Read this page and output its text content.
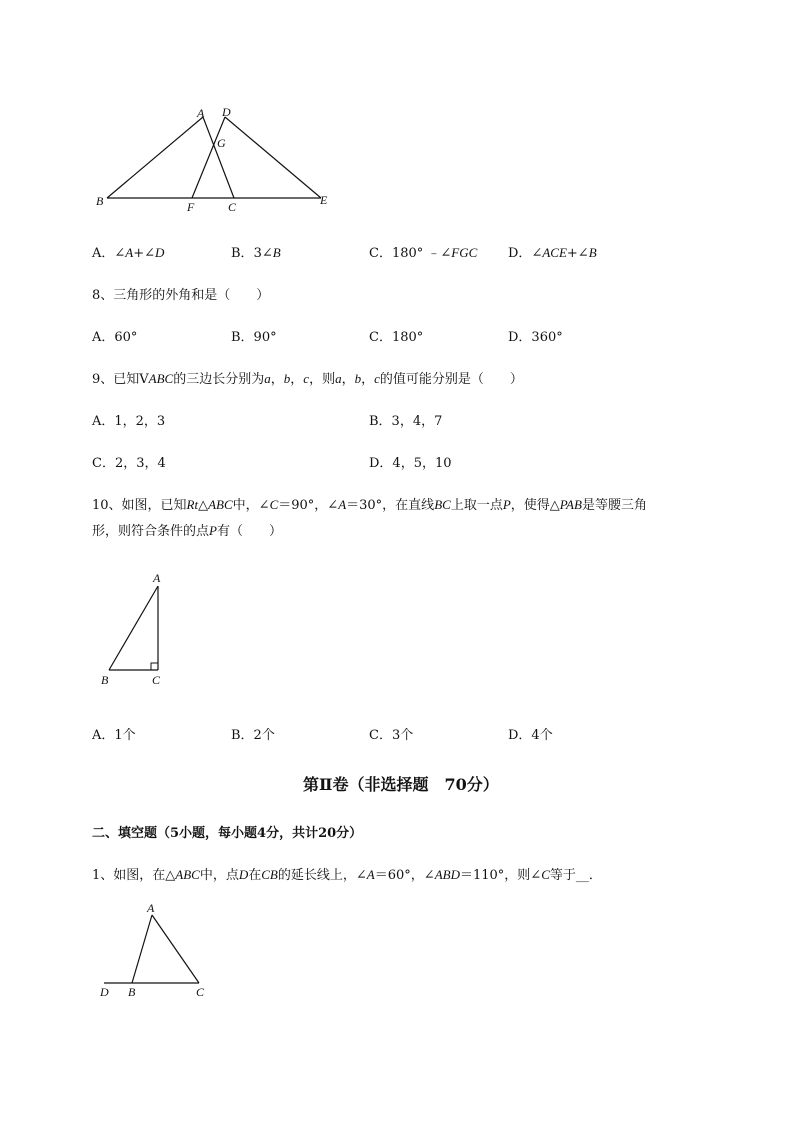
A D
G
B	F	C	E
A．∠A+∠D	B．3∠B	C．180° ﹣∠FGC D．∠ACE+∠B
8、三角形的外角和是（　　）
A．60°	B．90°	C．180°	D．360°
9、已知VABC的三边长分别为a，b，c，则a，b，c的值可能分别是（　　）
A．1，2，3	B．3，4，7
C．2，3，4	D．4，5，10
10、如图，已知Rt△ABC中，∠C＝90°，∠A＝30°，在直线BC上取一点P，使得△PAB是等腰三角
形，则符合条件的点P有（　　）
A
B	C
A．1个	B．2个	C．3个	D．4个
第Ⅱ卷（非选择题　70分）
二、填空题（5小题，每小题4分，共计20分）
1、如图，在△ABC中，点D在CB的延长线上，∠A＝60°，∠ABD＝110°，则∠C等于__．
A
D B	C
